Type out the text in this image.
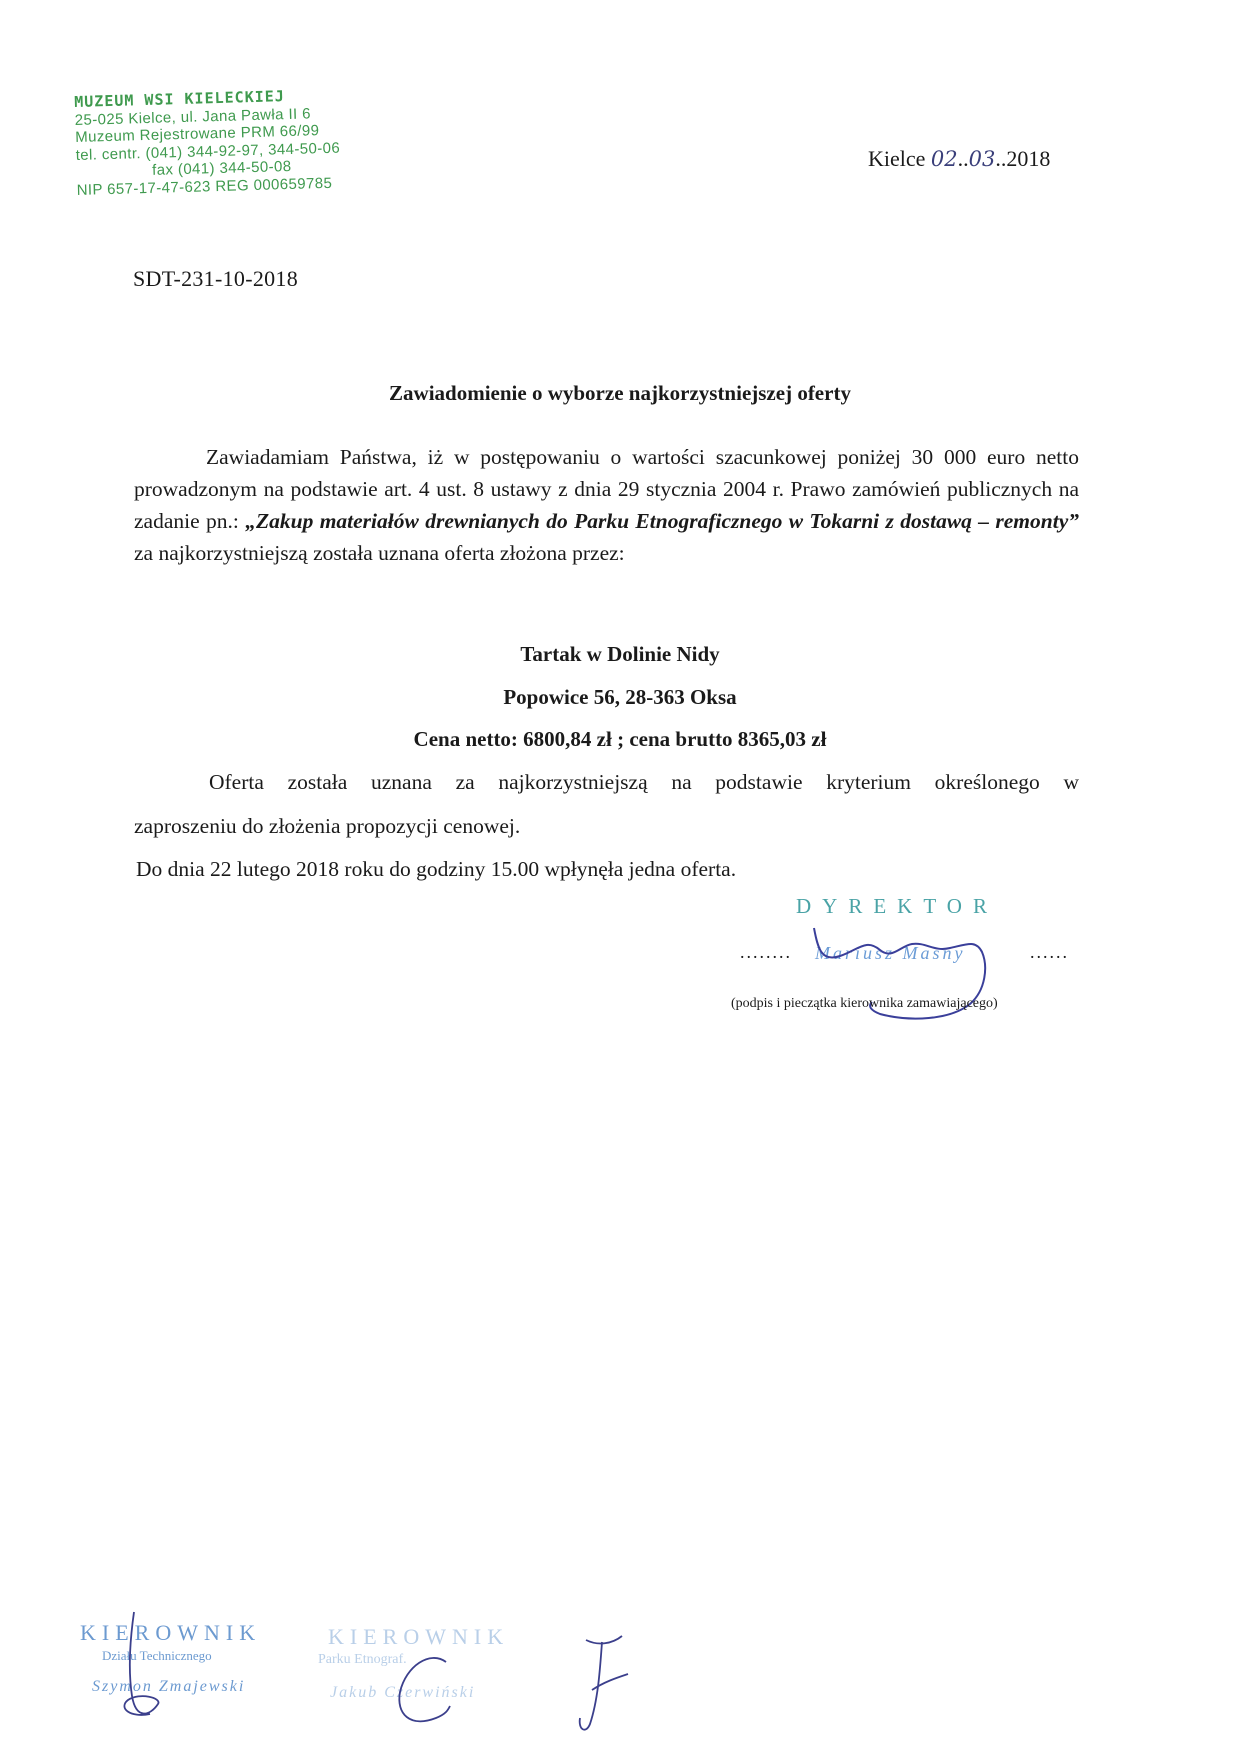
MUZEUM WSI KIELECKIEJ
25-025 Kielce, ul. Jana Pawła II 6
Muzeum Rejestrowane PRM 66/99
tel. centr. (041) 344-92-97, 344-50-06
fax (041) 344-50-08
NIP 657-17-47-623 REG 000659785
Kielce 02..03..2018
SDT-231-10-2018
Zawiadomienie o wyborze najkorzystniejszej oferty
Zawiadamiam Państwa, iż w postępowaniu o wartości szacunkowej poniżej 30 000 euro netto prowadzonym na podstawie art. 4 ust. 8 ustawy z dnia 29 stycznia 2004 r. Prawo zamówień publicznych na zadanie pn.: „Zakup materiałów drewnianych do Parku Etnograficznego w Tokarni z dostawą – remonty” za najkorzystniejszą została uznana oferta złożona przez:
Tartak w Dolinie Nidy
Popowice 56, 28-363 Oksa
Cena netto: 6800,84 zł ; cena brutto 8365,03 zł
Oferta została uznana za najkorzystniejszą na podstawie kryterium określonego w
zaproszeniu do złożenia propozycji cenowej.
Do dnia 22 lutego 2018 roku do godziny 15.00 wpłynęła jedna oferta.
DYREKTOR
........	......
Mariusz Masny
(podpis i pieczątka kierownika zamawiającego)
KIEROWNIK
Działu Technicznego
Szymon Zmajewski
KIEROWNIK
Parku Etnograf.
Jakub Czerwiński
